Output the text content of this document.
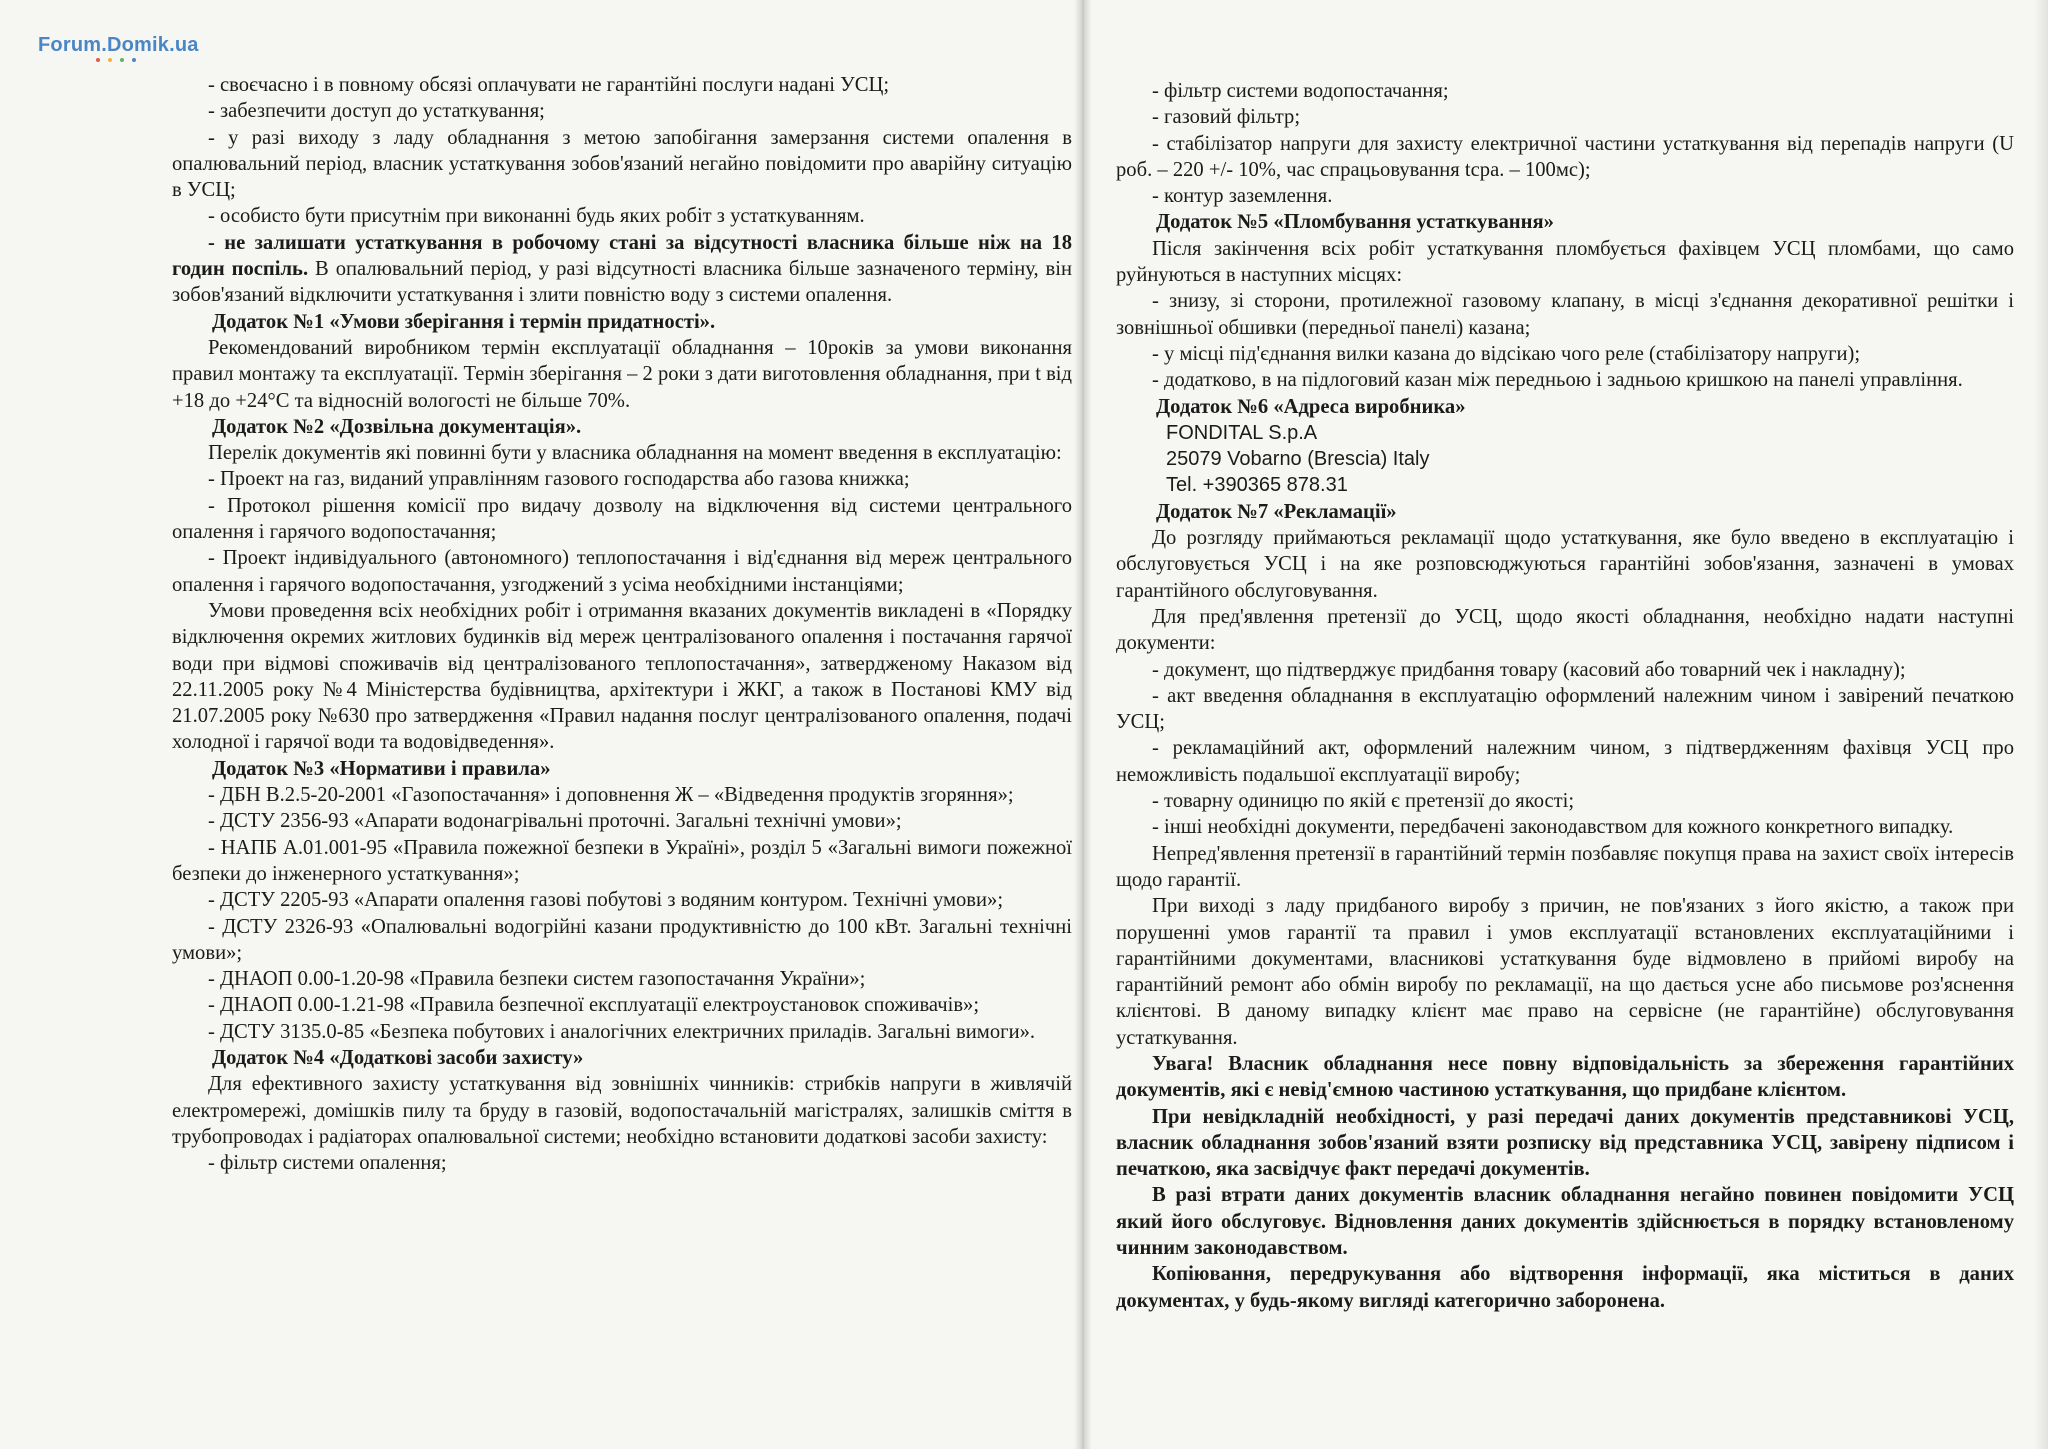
Forum.Domik.ua

- своєчасно і в повному обсязі оплачувати не гарантійні послуги надані УСЦ;

- забезпечити доступ до устаткування;

- у разі виходу з ладу обладнання з метою запобігання замерзання системи опалення в опалювальний період, власник устаткування зобов'язаний негайно повідомити про аварійну ситуацію в УСЦ;

- особисто бути присутнім при виконанні будь яких робіт з устаткуванням.

- не залишати устаткування в робочому стані за відсутності власника більше ніж на 18 годин поспіль. В опалювальний період, у разі відсутності власника більше зазначеного терміну, він зобов'язаний відключити устаткування і злити повністю воду з системи опалення.

Додаток №1 «Умови зберігання і термін придатності».

Рекомендований виробником термін експлуатації обладнання – 10років за умови виконання правил монтажу та експлуатації. Термін зберігання – 2 роки з дати виготовлення обладнання, при t від +18 до +24°С та відносній вологості не більше 70%.

Додаток №2 «Дозвільна документація».

Перелік документів які повинні бути у власника обладнання на момент введення в експлуатацію:

- Проект на газ, виданий управлінням газового господарства або газова книжка;

- Протокол рішення комісії про видачу дозволу на відключення від системи центрального опалення і гарячого водопостачання;

- Проект індивідуального (автономного) теплопостачання і від'єднання від мереж центрального опалення і гарячого водопостачання, узгоджений з усіма необхідними інстанціями;

Умови проведення всіх необхідних робіт і отримання вказаних документів викладені в «Порядку відключення окремих житлових будинків від мереж централізованого опалення і постачання гарячої води при відмові споживачів від централізованого теплопостачання», затвердженому Наказом від 22.11.2005 року №4 Міністерства будівництва, архітектури і ЖКГ, а також в Постанові КМУ від 21.07.2005 року №630 про затвердження «Правил надання послуг централізованого опалення, подачі холодної і гарячої води та водовідведення».

Додаток №3 «Нормативи і правила»

- ДБН В.2.5-20-2001 «Газопостачання» і доповнення Ж – «Відведення продуктів згоряння»;

- ДСТУ 2356-93 «Апарати водонагрівальні проточні. Загальні технічні умови»;

- НАПБ А.01.001-95 «Правила пожежної безпеки в Україні», розділ 5 «Загальні вимоги пожежної безпеки до інженерного устаткування»;

- ДСТУ 2205-93 «Апарати опалення газові побутові з водяним контуром. Технічні умови»;

- ДСТУ 2326-93 «Опалювальні водогрійні казани продуктивністю до 100 кВт. Загальні технічні умови»;

- ДНАОП 0.00-1.20-98 «Правила безпеки систем газопостачання України»;

- ДНАОП 0.00-1.21-98 «Правила безпечної експлуатації електроустановок споживачів»;

- ДСТУ 3135.0-85 «Безпека побутових і аналогічних електричних приладів. Загальні вимоги».

Додаток №4 «Додаткові засоби захисту»

Для ефективного захисту устаткування від зовнішніх чинників: стрибків напруги в живлячій електромережі, домішків пилу та бруду в газовій, водопостачальній магістралях, залишків сміття в трубопроводах і радіаторах опалювальної системи; необхідно встановити додаткові засоби захисту:

- фільтр системи опалення;

- фільтр системи водопостачання;

- газовий фільтр;

- стабілізатор напруги для захисту електричної частини устаткування від перепадів напруги (U роб. – 220 +/- 10%, час спрацьовування tсра. – 100мс);

- контур заземлення.

Додаток №5 «Пломбування устаткування»

Після закінчення всіх робіт устаткування пломбується фахівцем УСЦ пломбами, що само руйнуються в наступних місцях:

- знизу, зі сторони, протилежної газовому клапану, в місці з'єднання декоративної решітки і зовнішньої обшивки (передньої панелі) казана;

- у місці під'єднання вилки казана до відсікаю чого реле (стабілізатору напруги);

- додатково, в на підлоговий казан між передньою і задньою кришкою на панелі управління.

Додаток №6 «Адреса виробника»

FONDITAL S.p.A

25079 Vobarno (Brescia) Italy

Tel. +390365 878.31

Додаток №7 «Рекламації»

До розгляду приймаються рекламації щодо устаткування, яке було введено в експлуатацію і обслуговується УСЦ і на яке розповсюджуються гарантійні зобов'язання, зазначені в умовах гарантійного обслуговування.

Для пред'явлення претензії до УСЦ, щодо якості обладнання, необхідно надати наступні документи:

- документ, що підтверджує придбання товару (касовий або товарний чек і накладну);

- акт введення обладнання в експлуатацію оформлений належним чином і завірений печаткою УСЦ;

- рекламаційний акт, оформлений належним чином, з підтвердженням фахівця УСЦ про неможливість подальшої експлуатації виробу;

- товарну одиницю по якій є претензії до якості;

- інші необхідні документи, передбачені законодавством для кожного конкретного випадку.

Непред'явлення претензії в гарантійний термін позбавляє покупця права на захист своїх інтересів щодо гарантії.

При виході з ладу придбаного виробу з причин, не пов'язаних з його якістю, а також при порушенні умов гарантії та правил і умов експлуатації встановлених експлуатаційними і гарантійними документами, власникові устаткування буде відмовлено в прийомі виробу на гарантійний ремонт або обмін виробу по рекламації, на що дається усне або письмове роз'яснення клієнтові. В даному випадку клієнт має право на сервісне (не гарантійне) обслуговування устаткування.

Увага! Власник обладнання несе повну відповідальність за збереження гарантійних документів, які є невід'ємною частиною устаткування, що придбане клієнтом.

При невідкладній необхідності, у разі передачі даних документів представникові УСЦ, власник обладнання зобов'язаний взяти розписку від представника УСЦ, завірену підписом і печаткою, яка засвідчує факт передачі документів.

В разі втрати даних документів власник обладнання негайно повинен повідомити УСЦ який його обслуговує. Відновлення даних документів здійснюється в порядку встановленому чинним законодавством.

Копіювання, передрукування або відтворення інформації, яка міститься в даних документах, у будь-якому вигляді категорично заборонена.
